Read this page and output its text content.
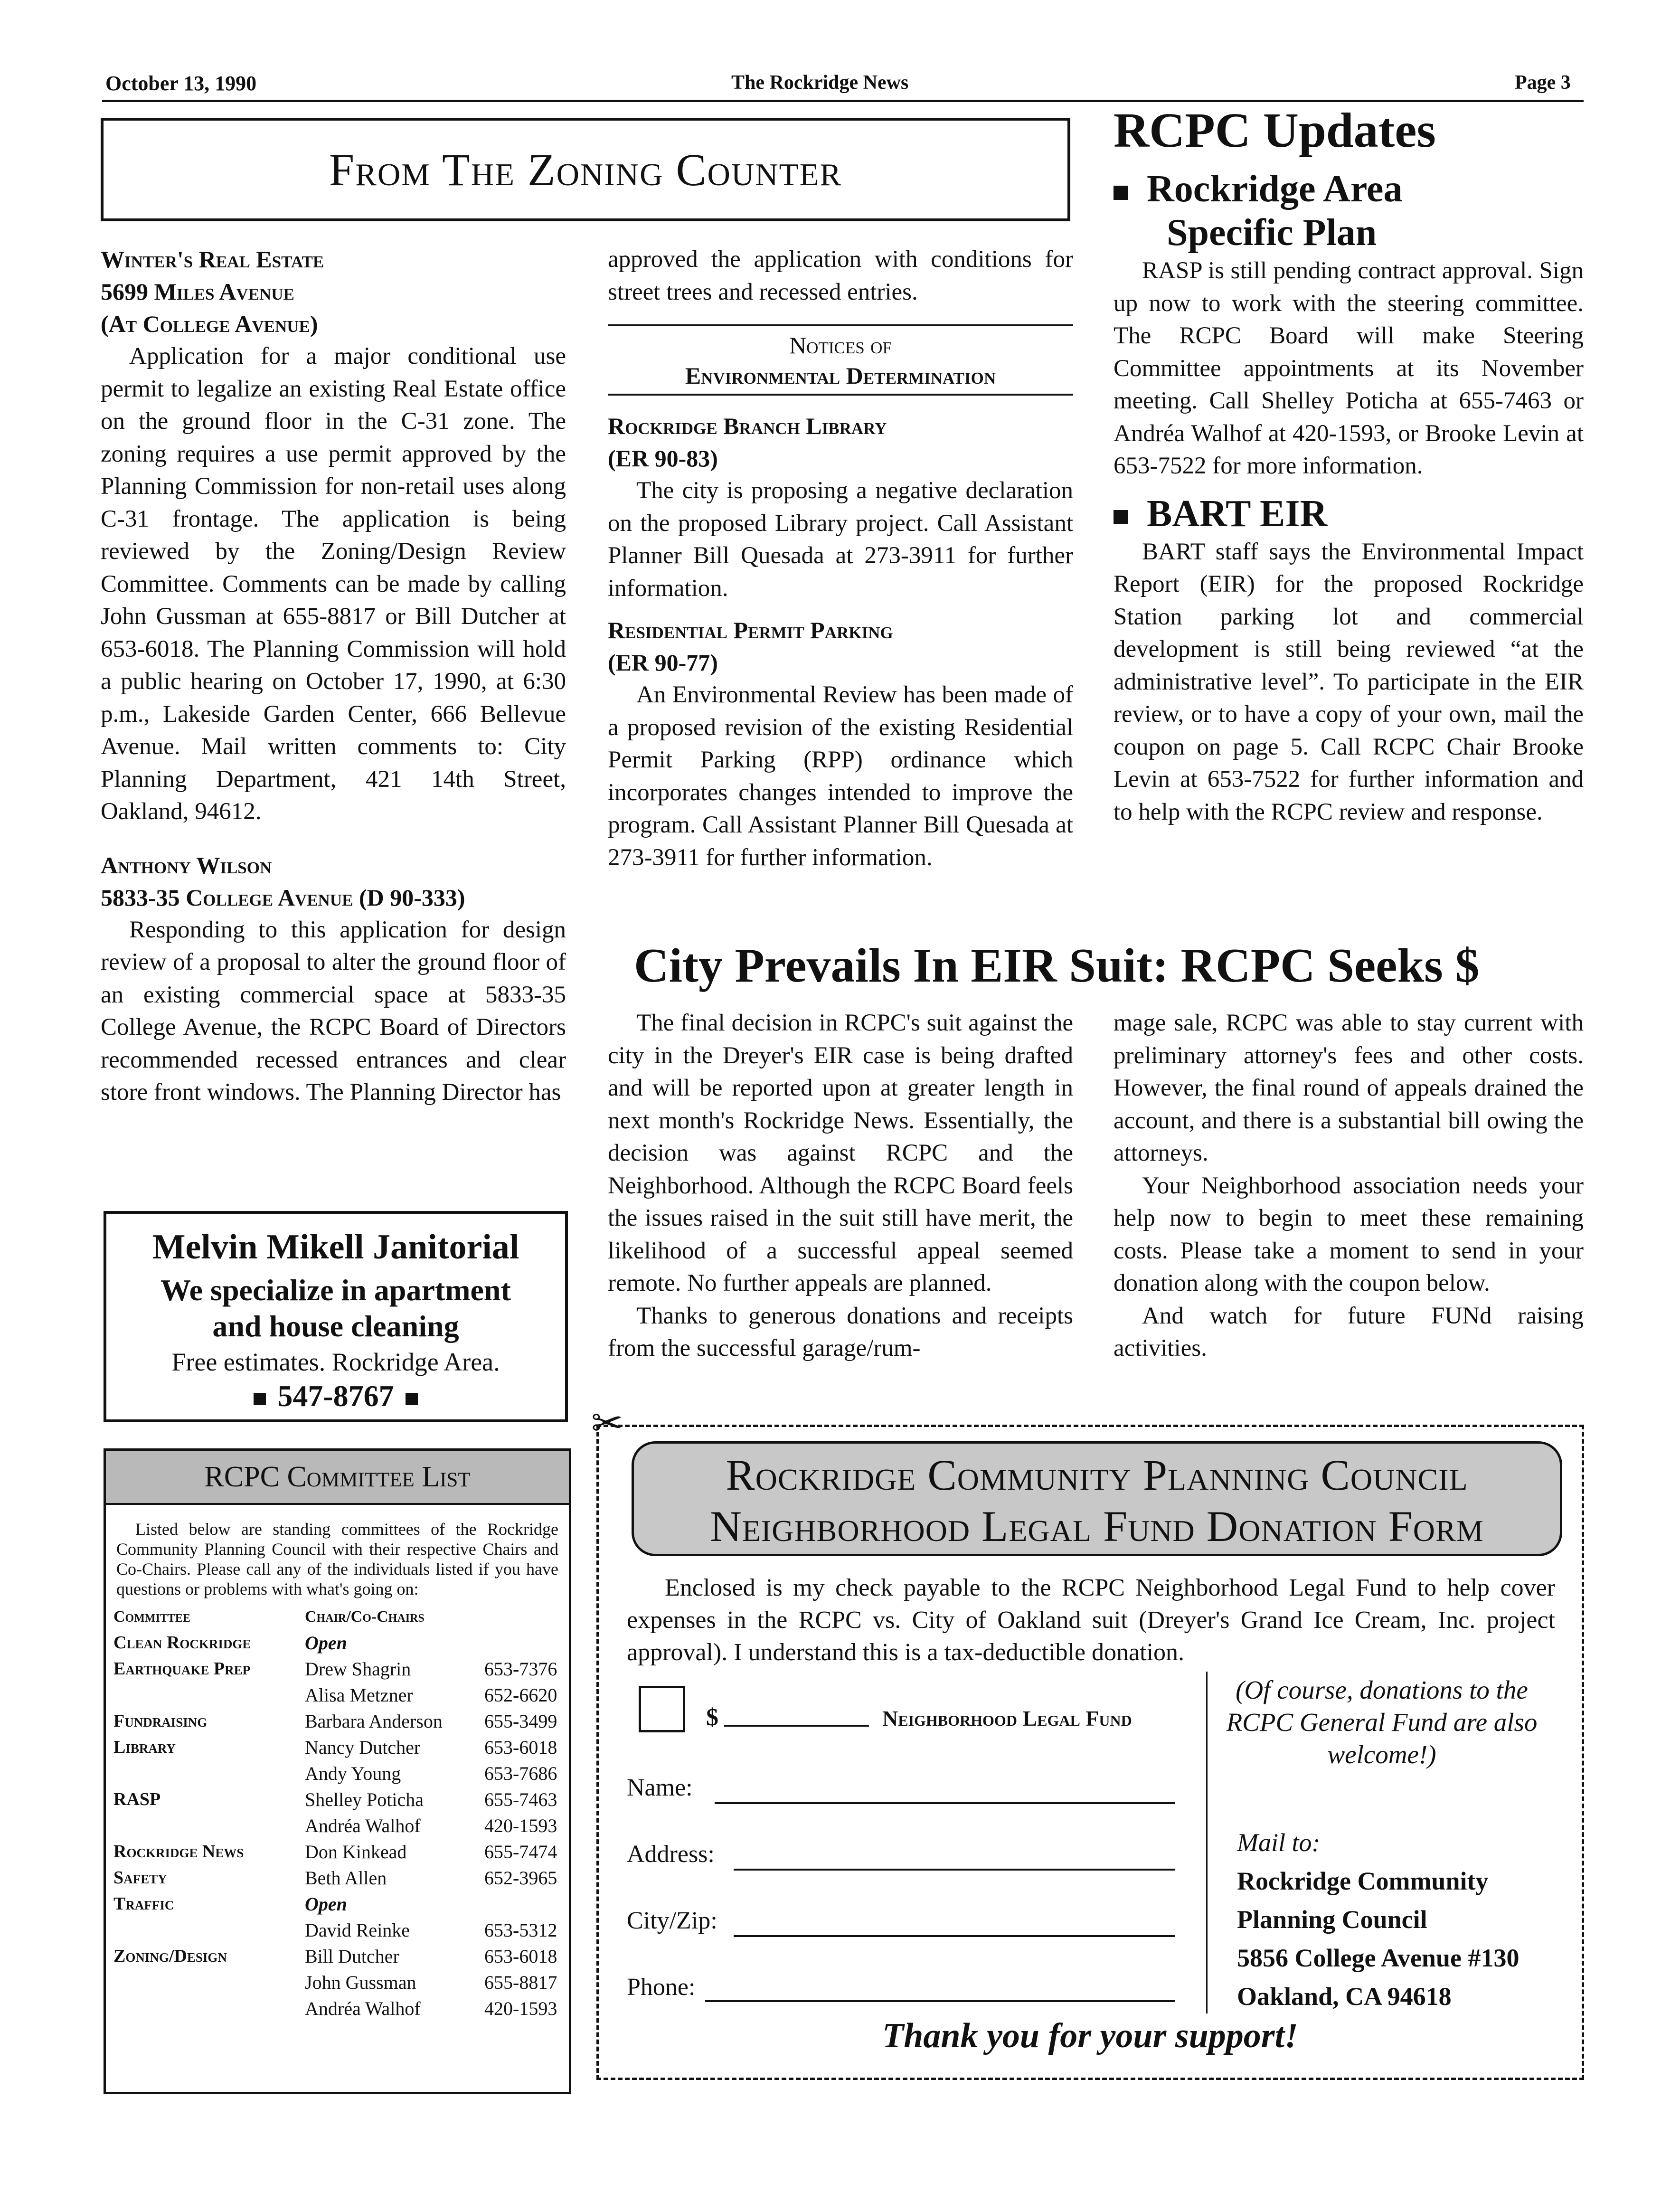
October 13, 1990	The Rockridge News	Page 3
From The Zoning Counter

Winter's Real Estate

5699 Miles Avenue

(At College Avenue)

Application for a major conditional use permit to legalize an existing Real Estate office on the ground floor in the C-31 zone. The zoning requires a use permit approved by the Planning Commission for non-retail uses along C-31 frontage. The application is being reviewed by the Zoning/Design Review Committee. Comments can be made by calling John Gussman at 655-8817 or Bill Dutcher at 653-6018. The Planning Commission will hold a public hearing on October 17, 1990, at 6:30 p.m., Lakeside Garden Center, 666 Bellevue Avenue. Mail written comments to: City Planning Department, 421 14th Street, Oakland, 94612.

Anthony Wilson

5833-35 College Avenue (D 90-333)

Responding to this application for design review of a proposal to alter the ground floor of an existing commercial space at 5833-35 College Avenue, the RCPC Board of Directors recommended recessed entrances and clear store front windows. The Planning Director has

approved the application with conditions for street trees and recessed entries.

Notices of
Environmental Determination

Rockridge Branch Library

(ER 90-83)

The city is proposing a negative declaration on the proposed Library project. Call Assistant Planner Bill Quesada at 273-3911 for further information.

Residential Permit Parking

(ER 90-77)

An Environmental Review has been made of a proposed revision of the existing Residential Permit Parking (RPP) ordinance which incorporates changes intended to improve the program. Call Assistant Planner Bill Quesada at 273-3911 for further information.

RCPC Updates
Rockridge Area
Specific Plan

RASP is still pending contract approval. Sign up now to work with the steering committee. The RCPC Board will make Steering Committee appointments at its November meeting. Call Shelley Poticha at 655-7463 or Andréa Walhof at 420-1593, or Brooke Levin at 653-7522 for more information.

BART EIR

BART staff says the Environmental Impact Report (EIR) for the proposed Rockridge Station parking lot and commercial development is still being reviewed “at the administrative level”. To participate in the EIR review, or to have a copy of your own, mail the coupon on page 5. Call RCPC Chair Brooke Levin at 653-7522 for further information and to help with the RCPC review and response.

City Prevails In EIR Suit: RCPC Seeks $

The final decision in RCPC's suit against the city in the Dreyer's EIR case is being drafted and will be reported upon at greater length in next month's Rockridge News. Essentially, the decision was against RCPC and the Neighborhood. Although the RCPC Board feels the issues raised in the suit still have merit, the likelihood of a successful appeal seemed remote. No further appeals are planned.

Thanks to generous donations and receipts from the successful garage/rum-

mage sale, RCPC was able to stay current with preliminary attorney's fees and other costs. However, the final round of appeals drained the account, and there is a substantial bill owing the attorneys.

Your Neighborhood association needs your help now to begin to meet these remaining costs. Please take a moment to send in your donation along with the coupon below.

And watch for future FUNd raising activities.

Melvin Mikell Janitorial
We specialize in apartment
and house cleaning
Free estimates. Rockridge Area.
547-8767
RCPC Committee List
Listed below are standing committees of the Rockridge Community Planning Council with their respective Chairs and Co-Chairs. Please call any of the individuals listed if you have questions or problems with what's going on:
Committee	Chair/Co-Chairs	
Clean Rockridge	Open	
Earthquake Prep	Drew Shagrin	653-7376
	Alisa Metzner	652-6620
Fundraising	Barbara Anderson	655-3499
Library	Nancy Dutcher	653-6018
	Andy Young	653-7686
RASP	Shelley Poticha	655-7463
	Andréa Walhof	420-1593
Rockridge News	Don Kinkead	655-7474
Safety	Beth Allen	652-3965
Traffic	Open	
	David Reinke	653-5312
Zoning/Design	Bill Dutcher	653-6018
	John Gussman	655-8817
	Andréa Walhof	420-1593
✂
Rockridge Community Planning Council
Neighborhood Legal Fund Donation Form
Enclosed is my check payable to the RCPC Neighborhood Legal Fund to help cover expenses in the RCPC vs. City of Oakland suit (Dreyer's Grand Ice Cream, Inc. project approval). I understand this is a tax-deductible donation.
$	Neighborhood Legal Fund
Name:
Address:
City/Zip:
Phone:
(Of course, donations to the RCPC General Fund are also welcome!)
Mail to:
Rockridge Community
Planning Council
5856 College Avenue #130
Oakland, CA 94618
Thank you for your support!
